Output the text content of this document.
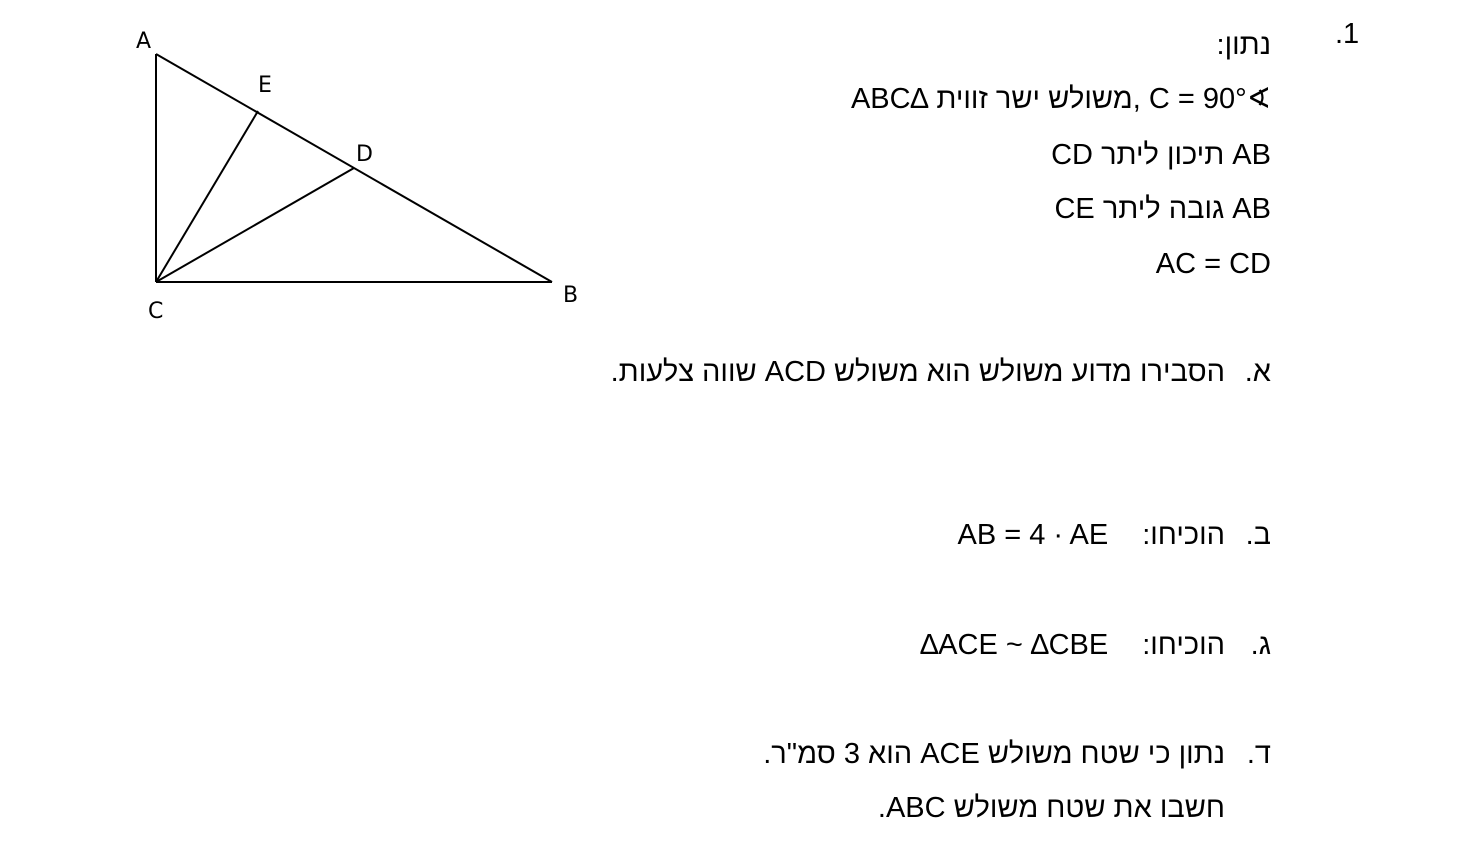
.1
נתון:
ABC∆ משולש ישר זווית, C = 90°∢
CD תיכון ליתר AB
CE גובה ליתר AB
AC = CD
א.הסבירו מדוע משולש הוא משולש ACD שווה צלעות.
ב.הוכיחו:AB = 4 · AE
ג.הוכיחו:∆ACE ~ ∆CBE
ד.נתון כי שטח משולש ACE הוא 3 סמ"ר.
חשבו את שטח משולש ABC.
A
E
D
C
B
